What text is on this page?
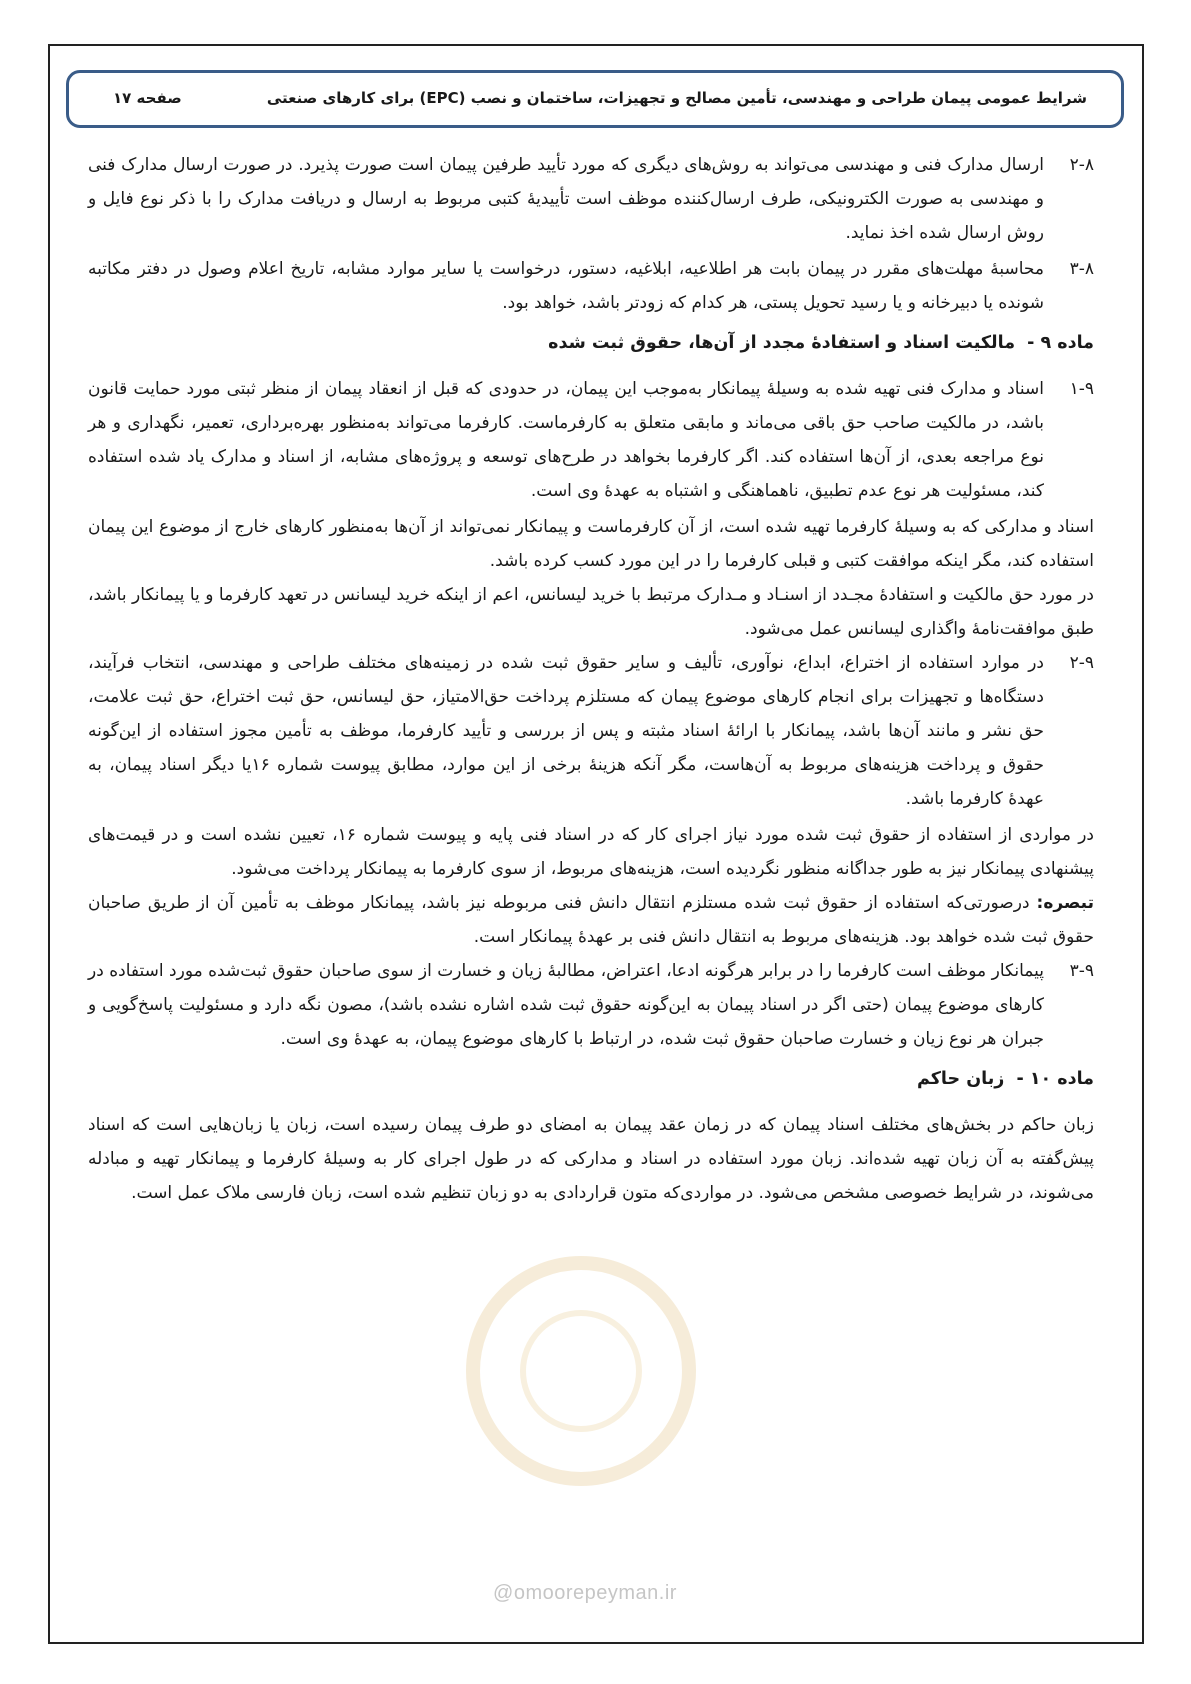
شرایط عمومی پیمان طراحی و مهندسی، تأمین مصالح و تجهیزات، ساختمان و نصب (EPC) برای کارهای صنعتی
صفحه ۱۷
۲-۸

ارسال مدارک فنی و مهندسی می‌تواند به روش‌های دیگری که مورد تأیید طرفین پیمان است صورت پذیرد. در صورت ارسال مدارک فنی و مهندسی به صورت الکترونیکی، طرف ارسال‌کننده موظف است تأییدیۀ کتبی مربوط به ارسال و دریافت مدارک را با ذکر نوع فایل و روش ارسال شده اخذ نماید.

۳-۸

محاسبۀ مهلت‌های مقرر در پیمان بابت هر اطلاعیه، ابلاغیه، دستور، درخواست یا سایر موارد مشابه، تاریخ اعلام وصول در دفتر مکاتبه شونده یا دبیرخانه و یا رسید تحویل پستی، هر کدام که زودتر باشد، خواهد بود.

ماده ۹ - مالکیت اسناد و استفادۀ مجدد از آن‌ها، حقوق ثبت شده
۱-۹

اسناد و مدارک فنی تهیه شده به وسیلۀ پیمانکار به‌موجب این پیمان، در حدودی که قبل از انعقاد پیمان از منظر ثبتی مورد حمایت قانون باشد، در مالکیت صاحب حق باقی می‌ماند و مابقی متعلق به کارفرماست. کارفرما می‌تواند به‌منظور بهره‌برداری، تعمیر، نگهداری و هر نوع مراجعه بعدی، از آن‌ها استفاده کند. اگر کارفرما بخواهد در طرح‌های توسعه و پروژه‌های مشابه، از اسناد و مدارک یاد شده استفاده کند، مسئولیت هر نوع عدم تطبیق، ناهماهنگی و اشتباه به عهدۀ وی است.

اسناد و مدارکی که به وسیلۀ کارفرما تهیه شده است، از آن کارفرماست و پیمانکار نمی‌تواند از آن‌ها به‌منظور کارهای خارج از موضوع این پیمان استفاده کند، مگر اینکه موافقت کتبی و قبلی کارفرما را در این مورد کسب کرده باشد.

در مورد حق مالکیت و استفادۀ مجـدد از اسنـاد و مـدارک مرتبط با خرید لیسانس، اعم از اینکه خرید لیسانس در تعهد کارفرما و یا پیمانکار باشد، طبق موافقت‌نامۀ واگذاری لیسانس عمل می‌شود.

۲-۹

در موارد استفاده از اختراع، ابداع، نوآوری، تألیف و سایر حقوق ثبت شده در زمینه‌های مختلف طراحی و مهندسی، انتخاب فرآیند، دستگاه‌ها و تجهیزات برای انجام کارهای موضوع پیمان که مستلزم پرداخت حق‌الامتیاز، حق لیسانس، حق ثبت اختراع، حق ثبت علامت، حق نشر و مانند آن‌ها باشد، پیمانکار با ارائۀ اسناد مثبته و پس از بررسی و تأیید کارفرما، موظف به تأمین مجوز استفاده از این‌گونه حقوق و پرداخت هزینه‌های مربوط به آن‌هاست، مگر آنکه هزینۀ برخی از این موارد، مطابق پیوست شماره ۱۶یا دیگر اسناد پیمان، به عهدۀ کارفرما باشد.

در مواردی از استفاده از حقوق ثبت شده مورد نیاز اجرای کار که در اسناد فنی پایه و پیوست شماره ۱۶، تعیین نشده است و در قیمت‌های پیشنهادی پیمانکار نیز به طور جداگانه منظور نگردیده است، هزینه‌های مربوط، از سوی کارفرما به پیمانکار پرداخت می‌شود.

تبصره: درصورتی‌که استفاده از حقوق ثبت شده مستلزم انتقال دانش فنی مربوطه نیز باشد، پیمانکار موظف به تأمین آن از طریق صاحبان حقوق ثبت شده خواهد بود. هزینه‌های مربوط به انتقال دانش فنی بر عهدۀ پیمانکار است.

۳-۹

پیمانکار موظف است کارفرما را در برابر هرگونه ادعا، اعتراض، مطالبۀ زیان و خسارت از سوی صاحبان حقوق ثبت‌شده مورد استفاده در کارهای موضوع پیمان (حتی اگر در اسناد پیمان به این‌گونه حقوق ثبت شده اشاره نشده باشد)، مصون نگه دارد و مسئولیت پاسخ‌گویی و جبران هر نوع زیان و خسارت صاحبان حقوق ثبت شده، در ارتباط با کارهای موضوع پیمان، به عهدۀ وی است.

ماده ۱۰ - زبان حاکم

زبان حاکم در بخش‌های مختلف اسناد پیمان که در زمان عقد پیمان به امضای دو طرف پیمان رسیده است، زبان یا زبان‌هایی است که اسناد پیش‌گفته به آن زبان تهیه شده‌اند. زبان مورد استفاده در اسناد و مدارکی که در طول اجرای کار به وسیلۀ کارفرما و پیمانکار تهیه و مبادله می‌شوند، در شرایط خصوصی مشخص می‌شود. در مواردی‌که متون قراردادی به دو زبان تنظیم شده است، زبان فارسی ملاک عمل است.

@omoorepeyman.ir
